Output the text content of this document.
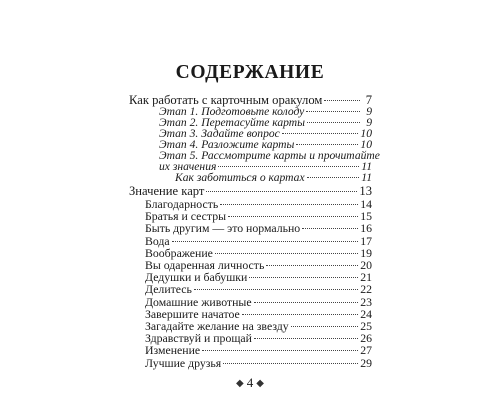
СОДЕРЖАНИЕ
Как работать с карточным оракулом	7
Этап 1. Подготовьте колоду	9
Этап 2. Перетасуйте карты	9
Этап 3. Задайте вопрос	10
Этап 4. Разложите карты	10
Этап 5. Рассмотрите карты и прочитайте
их значения	11
Как заботиться о картах	11
Значение карт	13
Благодарность	14
Братья и сестры	15
Быть другим — это нормально	16
Вода	17
Воображение	19
Вы одаренная личность	20
Дедушки и бабушки	21
Делитесь	22
Домашние животные	23
Завершите начатое	24
Загадайте желание на звезду	25
Здравствуй и прощай	26
Изменение	27
Лучшие друзья	29
◆ 4 ◆
